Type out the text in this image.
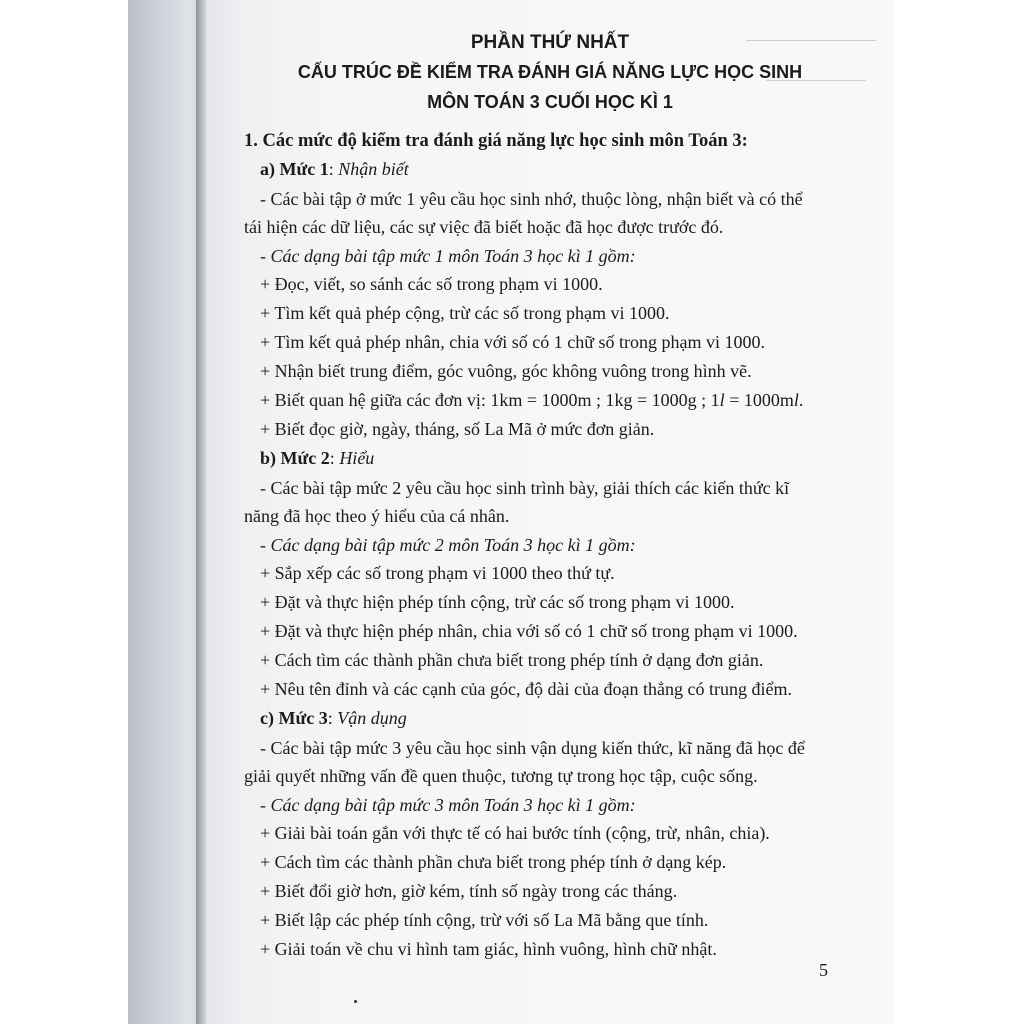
PHẦN THỨ NHẤT
CẤU TRÚC ĐỀ KIỂM TRA ĐÁNH GIÁ NĂNG LỰC HỌC SINH
MÔN TOÁN 3 CUỐI HỌC KÌ 1
1. Các mức độ kiểm tra đánh giá năng lực học sinh môn Toán 3:
a) Mức 1: Nhận biết
- Các bài tập ở mức 1 yêu cầu học sinh nhớ, thuộc lòng, nhận biết và có thể
tái hiện các dữ liệu, các sự việc đã biết hoặc đã học được trước đó.
- Các dạng bài tập mức 1 môn Toán 3 học kì 1 gồm:
+ Đọc, viết, so sánh các số trong phạm vi 1000.
+ Tìm kết quả phép cộng, trừ các số trong phạm vi 1000.
+ Tìm kết quả phép nhân, chia với số có 1 chữ số trong phạm vi 1000.
+ Nhận biết trung điểm, góc vuông, góc không vuông trong hình vẽ.
+ Biết quan hệ giữa các đơn vị: 1km = 1000m ; 1kg = 1000g ; 1l = 1000ml.
+ Biết đọc giờ, ngày, tháng, số La Mã ở mức đơn giản.
b) Mức 2: Hiểu
- Các bài tập mức 2 yêu cầu học sinh trình bày, giải thích các kiến thức kĩ
năng đã học theo ý hiểu của cá nhân.
- Các dạng bài tập mức 2 môn Toán 3 học kì 1 gồm:
+ Sắp xếp các số trong phạm vi 1000 theo thứ tự.
+ Đặt và thực hiện phép tính cộng, trừ các số trong phạm vi 1000.
+ Đặt và thực hiện phép nhân, chia với số có 1 chữ số trong phạm vi 1000.
+ Cách tìm các thành phần chưa biết trong phép tính ở dạng đơn giản.
+ Nêu tên đỉnh và các cạnh của góc, độ dài của đoạn thẳng có trung điểm.
c) Mức 3: Vận dụng
- Các bài tập mức 3 yêu cầu học sinh vận dụng kiến thức, kĩ năng đã học để
giải quyết những vấn đề quen thuộc, tương tự trong học tập, cuộc sống.
- Các dạng bài tập mức 3 môn Toán 3 học kì 1 gồm:
+ Giải bài toán gắn với thực tế có hai bước tính (cộng, trừ, nhân, chia).
+ Cách tìm các thành phần chưa biết trong phép tính ở dạng kép.
+ Biết đổi giờ hơn, giờ kém, tính số ngày trong các tháng.
+ Biết lập các phép tính cộng, trừ với số La Mã bằng que tính.
+ Giải toán về chu vi hình tam giác, hình vuông, hình chữ nhật.
5
